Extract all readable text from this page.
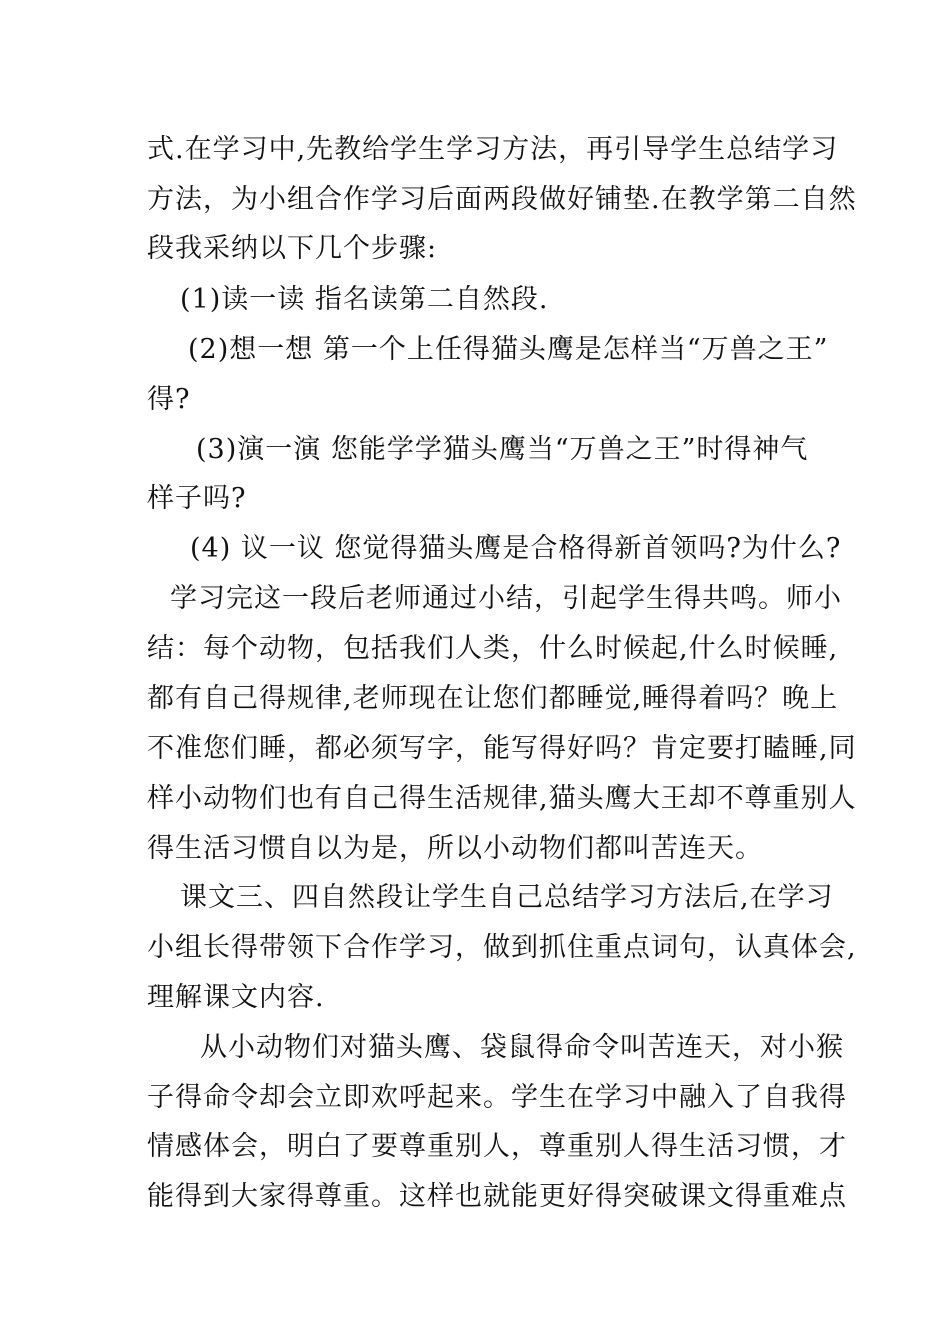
式.在学习中,先教给学生学习方法，再引导学生总结学习
方法，为小组合作学习后面两段做好铺垫.在教学第二自然
段我采纳以下几个步骤:
(1)读一读 指名读第二自然段.
(2)想一想 第一个上任得猫头鹰是怎样当“万兽之王”
得?
(3)演一演 您能学学猫头鹰当“万兽之王”时得神气
样子吗?
(4) 议一议 您觉得猫头鹰是合格得新首领吗?为什么?
学习完这一段后老师通过小结，引起学生得共鸣。师小
结：每个动物，包括我们人类，什么时候起,什么时候睡,
都有自己得规律,老师现在让您们都睡觉,睡得着吗？晚上
不准您们睡，都必须写字，能写得好吗？肯定要打瞌睡,同
样小动物们也有自己得生活规律,猫头鹰大王却不尊重别人
得生活习惯自以为是，所以小动物们都叫苦连天。
课文三、四自然段让学生自己总结学习方法后,在学习
小组长得带领下合作学习，做到抓住重点词句，认真体会,
理解课文内容.
从小动物们对猫头鹰、袋鼠得命令叫苦连天，对小猴
子得命令却会立即欢呼起来。学生在学习中融入了自我得
情感体会，明白了要尊重别人，尊重别人得生活习惯，才
能得到大家得尊重。这样也就能更好得突破课文得重难点
